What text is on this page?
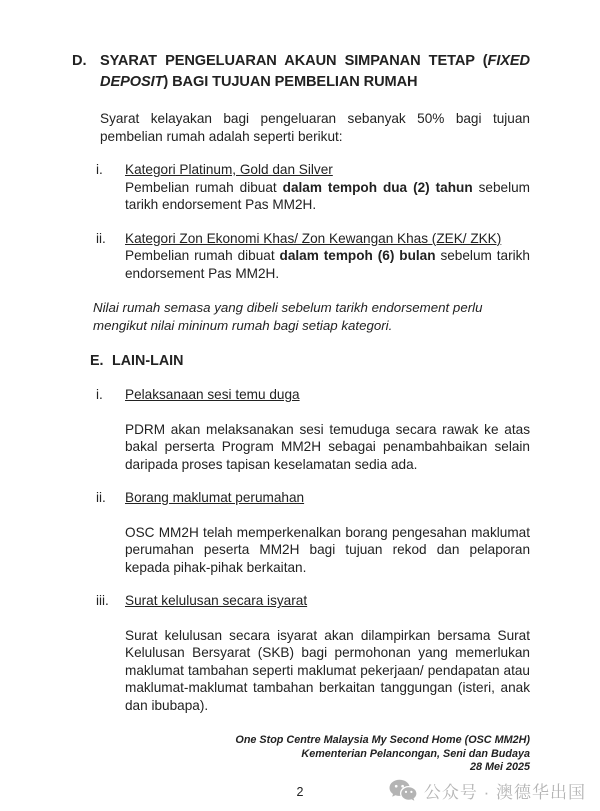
D. SYARAT PENGELUARAN AKAUN SIMPANAN TETAP (FIXED DEPOSIT) BAGI TUJUAN PEMBELIAN RUMAH

Syarat kelayakan bagi pengeluaran sebanyak 50% bagi tujuan pembelian rumah adalah seperti berikut:

i.	Kategori Platinum, Gold dan Silver
Pembelian rumah dibuat dalam tempoh dua (2) tahun sebelum tarikh endorsement Pas MM2H.
ii.	Kategori Zon Ekonomi Khas/ Zon Kewangan Khas (ZEK/ ZKK)
Pembelian rumah dibuat dalam tempoh (6) bulan sebelum tarikh endorsement Pas MM2H.

Nilai rumah semasa yang dibeli sebelum tarikh endorsement perlu mengikut nilai mininum rumah bagi setiap kategori.

E. LAIN-LAIN
i.	Pelaksanaan sesi temu duga
PDRM akan melaksanakan sesi temuduga secara rawak ke atas bakal perserta Program MM2H sebagai penambahbaikan selain daripada proses tapisan keselamatan sedia ada.
ii.	Borang maklumat perumahan
OSC MM2H telah memperkenalkan borang pengesahan maklumat perumahan peserta MM2H bagi tujuan rekod dan pelaporan kepada pihak-pihak berkaitan.
iii.	Surat kelulusan secara isyarat
Surat kelulusan secara isyarat akan dilampirkan bersama Surat Kelulusan Bersyarat (SKB) bagi permohonan yang memerlukan maklumat tambahan seperti maklumat pekerjaan/ pendapatan atau maklumat-maklumat tambahan berkaitan tanggungan (isteri, anak dan ibubapa).
One Stop Centre Malaysia My Second Home (OSC MM2H)
Kementerian Pelancongan, Seni dan Budaya
28 Mei 2025
2	公众号 · 澳德华出国
